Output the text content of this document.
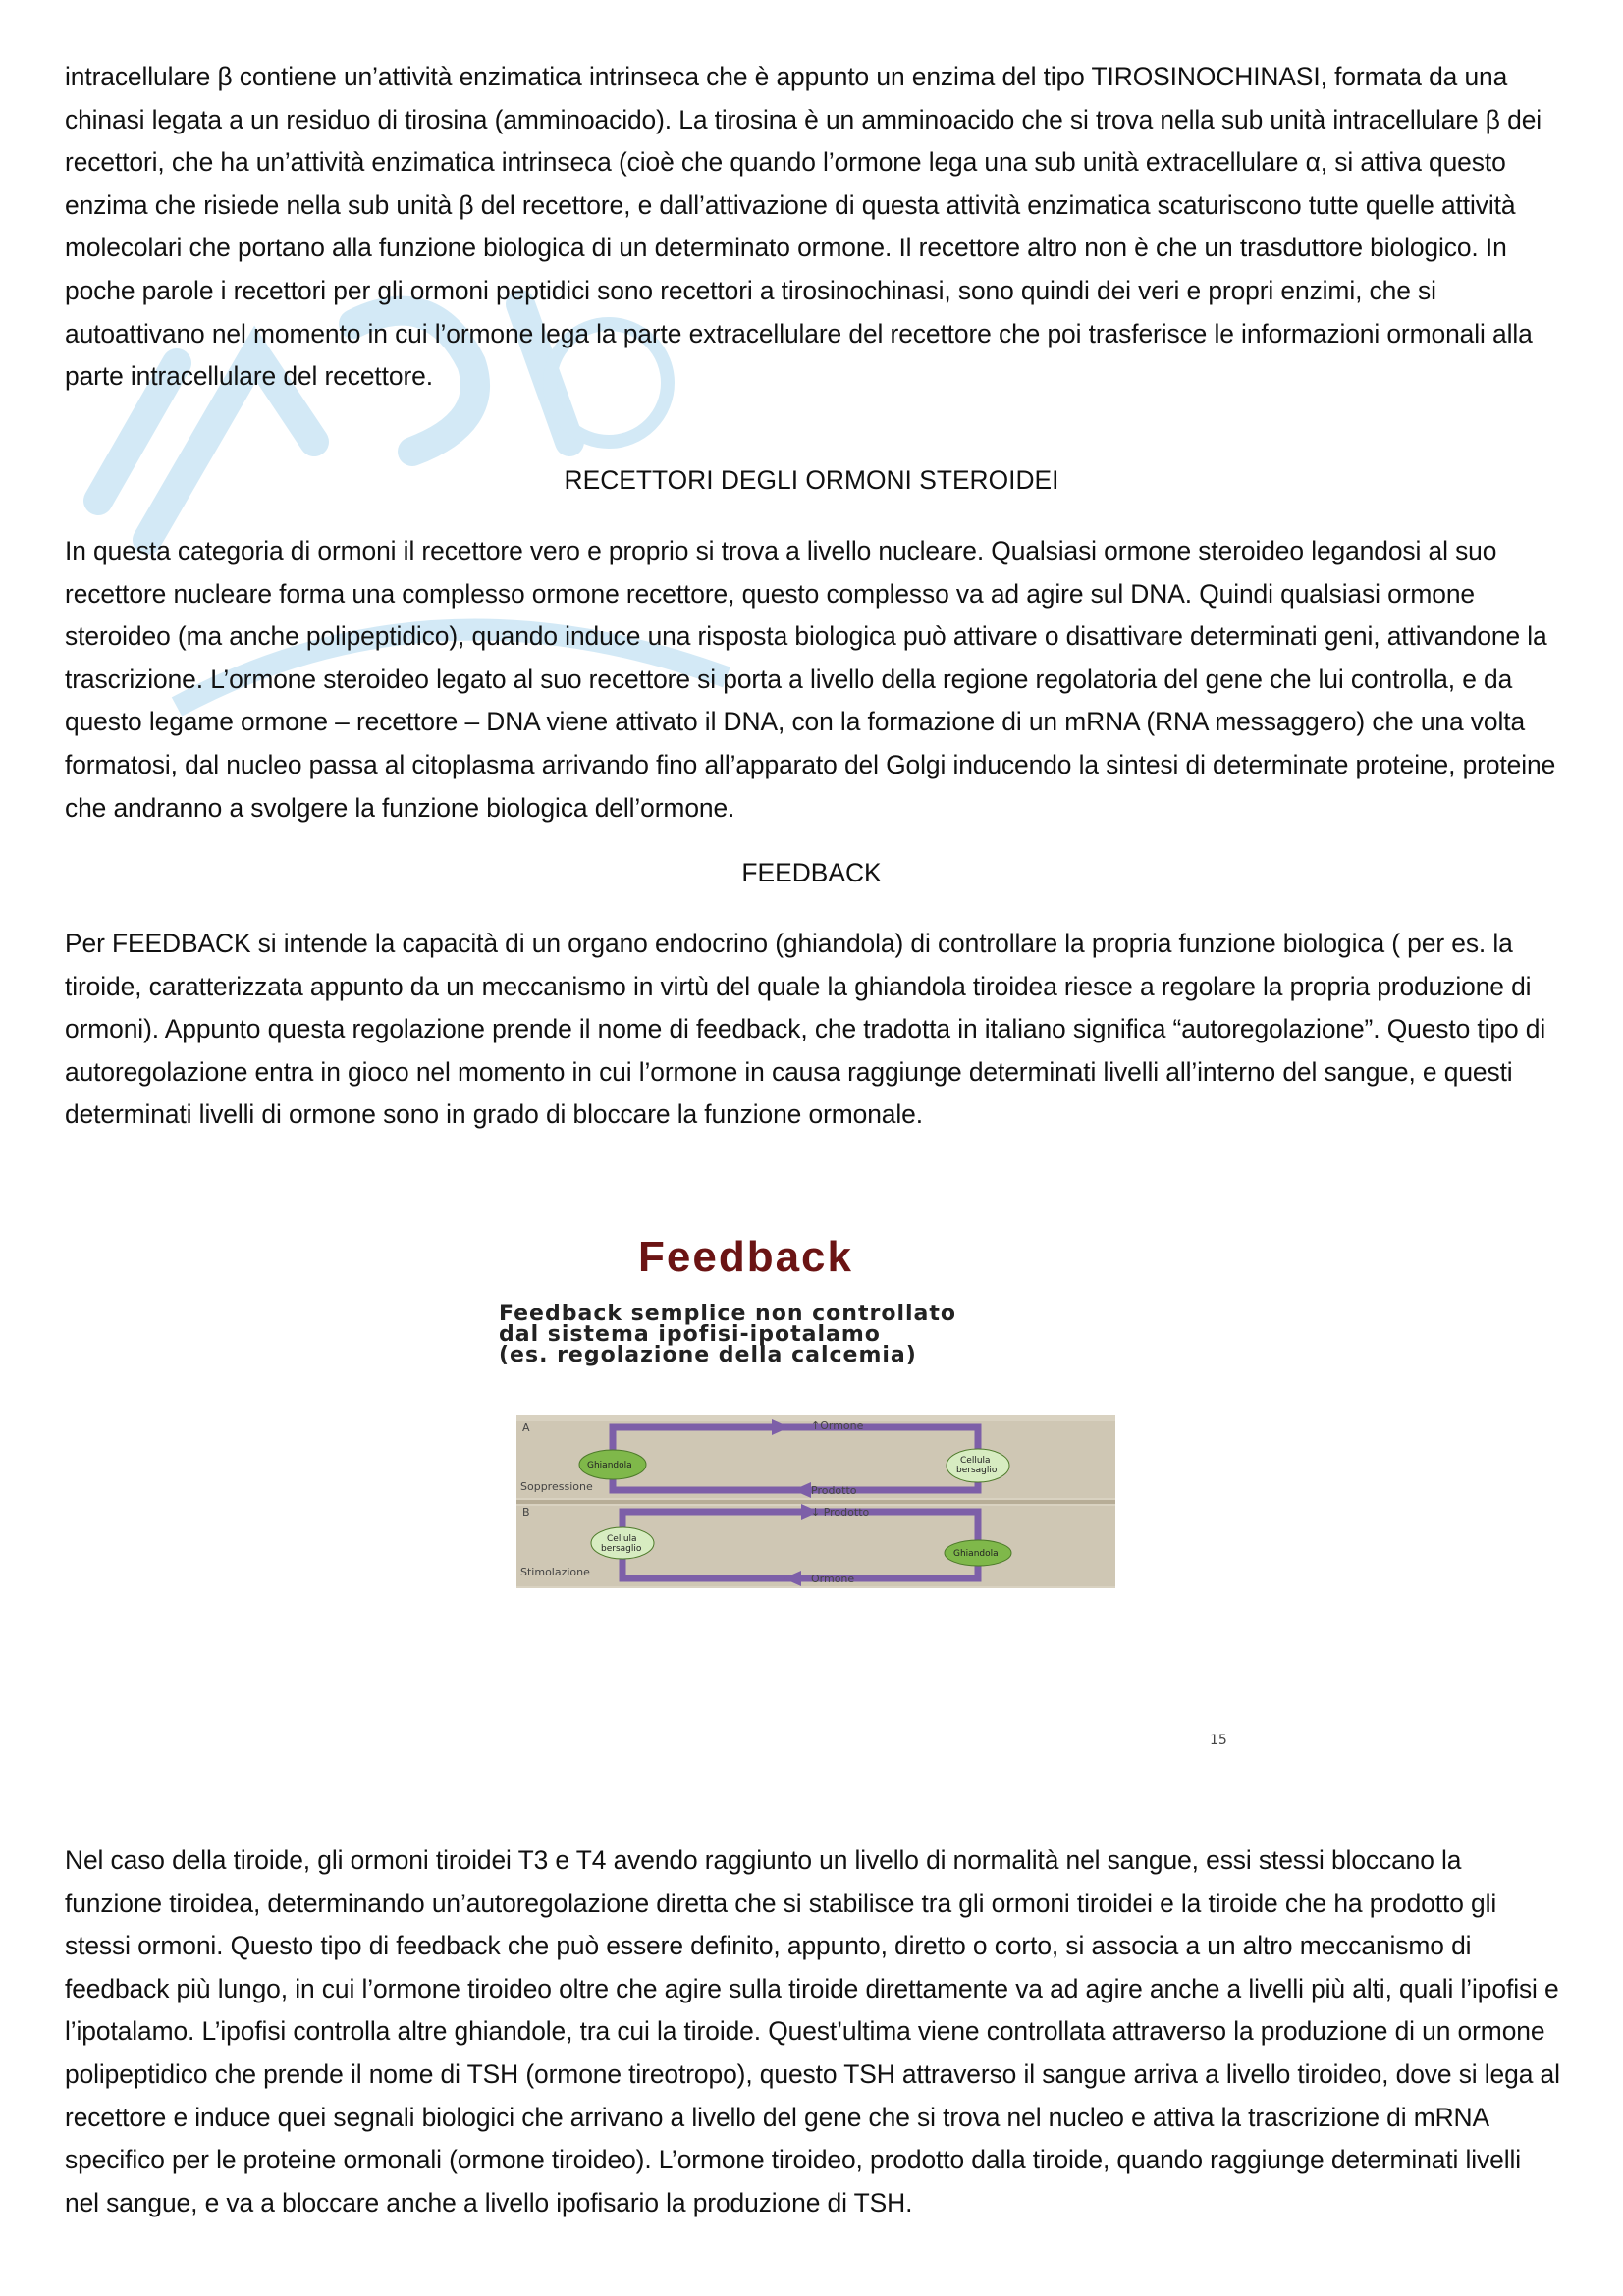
intracellulare β contiene un’attività enzimatica intrinseca che è appunto un enzima del tipo TIROSINOCHINASI, formata da una chinasi legata a un residuo di tirosina (amminoacido). La tirosina è un amminoacido che si trova nella sub unità intracellulare β dei recettori, che ha un’attività enzimatica intrinseca (cioè che quando l’ormone lega una sub unità extracellulare α, si attiva questo enzima che risiede nella sub unità β del recettore, e dall’attivazione di questa attività enzimatica scaturiscono tutte quelle attività molecolari che portano alla funzione biologica di un determinato ormone. Il recettore altro non è che un trasduttore biologico. In poche parole i recettori per gli ormoni peptidici sono recettori a tirosinochinasi, sono quindi dei veri e propri enzimi, che si autoattivano nel momento in cui l’ormone lega la parte extracellulare del recettore che poi trasferisce le informazioni ormonali alla parte intracellulare del recettore.

RECETTORI DEGLI ORMONI STEROIDEI

In questa categoria di ormoni il recettore vero e proprio si trova a livello nucleare. Qualsiasi ormone steroideo legandosi al suo recettore nucleare forma una complesso ormone recettore, questo complesso va ad agire sul DNA. Quindi qualsiasi ormone steroideo (ma anche polipeptidico), quando induce una risposta biologica può attivare o disattivare determinati geni, attivandone la trascrizione. L’ormone steroideo legato al suo recettore si porta a livello della regione regolatoria del gene che lui controlla, e da questo legame ormone – recettore – DNA viene attivato il DNA, con la formazione di un mRNA (RNA messaggero) che una volta formatosi, dal nucleo passa al citoplasma arrivando fino all’apparato del Golgi inducendo la sintesi di determinate proteine, proteine che andranno a svolgere la funzione biologica dell’ormone.

FEEDBACK

Per FEEDBACK si intende la capacità di un organo endocrino (ghiandola) di controllare la propria funzione biologica ( per es. la tiroide, caratterizzata appunto da un meccanismo in virtù del quale la ghiandola tiroidea riesce a regolare la propria produzione di ormoni). Appunto questa regolazione prende il nome di feedback, che tradotta in italiano significa “autoregolazione”. Questo tipo di autoregolazione entra in gioco nel momento in cui l’ormone in causa raggiunge determinati livelli all’interno del sangue, e questi determinati livelli di ormone sono in grado di bloccare la funzione ormonale.

Feedback

Feedback semplice non controllato
dal sistema ipofisi-ipotalamo
(es. regolazione della calcemia)

A	↑Ormone
Soppressione	Prodotto
Ghiandola	Cellula
bersaglio
B	↓ Prodotto
Stimolazione
Ormone
Cellula
bersaglio	Ghiandola

15

Nel caso della tiroide, gli ormoni tiroidei T3 e T4 avendo raggiunto un livello di normalità nel sangue, essi stessi bloccano la funzione tiroidea, determinando un’autoregolazione diretta che si stabilisce tra gli ormoni tiroidei e la tiroide che ha prodotto gli stessi ormoni. Questo tipo di feedback che può essere definito, appunto, diretto o corto, si associa a un altro meccanismo di feedback più lungo, in cui l’ormone tiroideo oltre che agire sulla tiroide direttamente va ad agire anche a livelli più alti, quali l’ipofisi e l’ipotalamo. L’ipofisi controlla altre ghiandole, tra cui la tiroide. Quest’ultima viene controllata attraverso la produzione di un ormone polipeptidico che prende il nome di TSH (ormone tireotropo), questo TSH attraverso il sangue arriva a livello tiroideo, dove si lega al recettore e induce quei segnali biologici che arrivano a livello del gene che si trova nel nucleo e attiva la trascrizione di mRNA specifico per le proteine ormonali (ormone tiroideo). L’ormone tiroideo, prodotto dalla tiroide, quando raggiunge determinati livelli nel sangue, e va a bloccare anche a livello ipofisario la produzione di TSH.
